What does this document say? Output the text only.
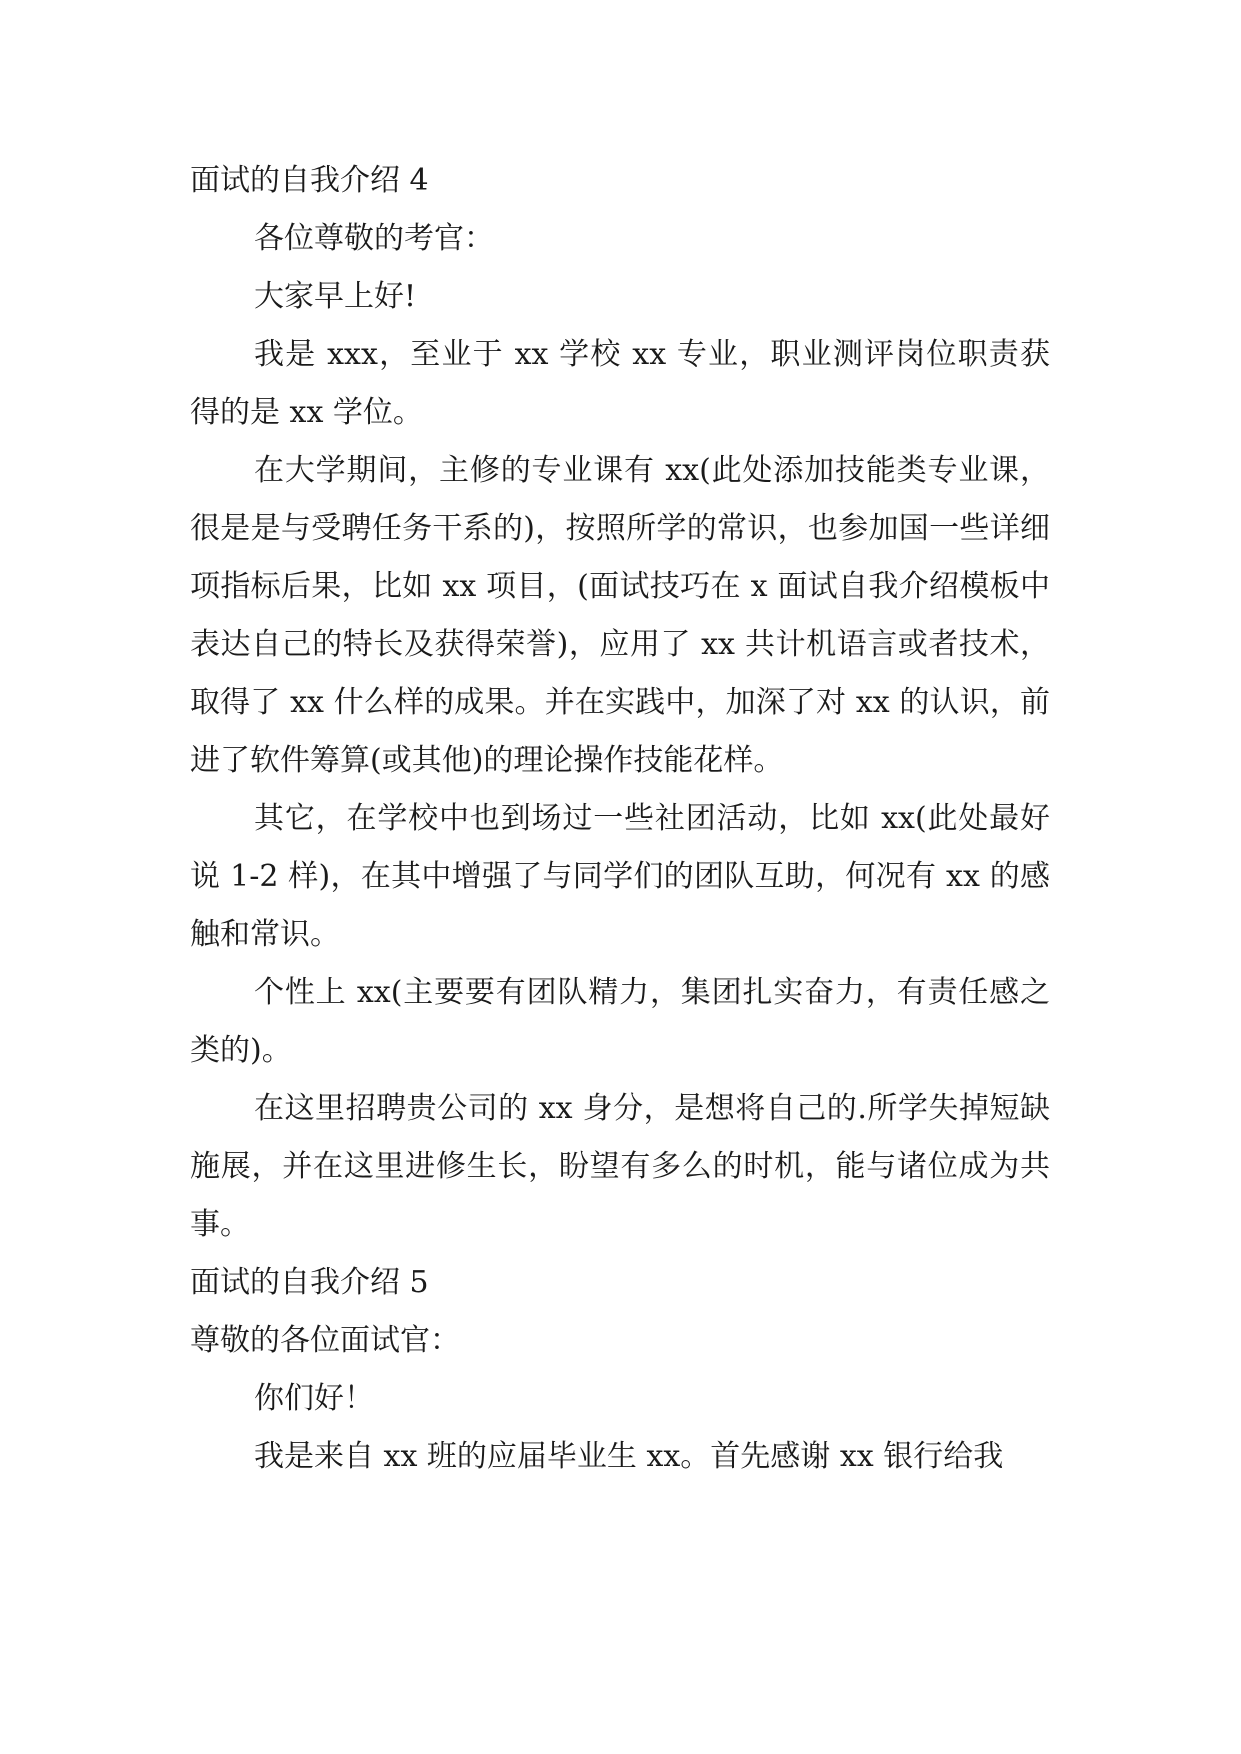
面试的自我介绍 4

各位尊敬的考官：

大家早上好!

我是 xxx，至业于 xx 学校 xx 专业，职业测评岗位职责获得的是 xx 学位。

在大学期间，主修的专业课有 xx(此处添加技能类专业课，很是是与受聘任务干系的)，按照所学的常识，也参加国一些详细项指标后果，比如 xx 项目，(面试技巧在 x 面试自我介绍模板中表达自己的特长及获得荣誉)，应用了 xx 共计机语言或者技术，取得了 xx 什么样的成果。并在实践中，加深了对 xx 的认识，前进了软件筹算(或其他)的理论操作技能花样。

其它，在学校中也到场过一些社团活动，比如 xx(此处最好说 1-2 样)，在其中增强了与同学们的团队互助，何况有 xx 的感触和常识。

个性上 xx(主要要有团队精力，集团扎实奋力，有责任感之类的)。

在这里招聘贵公司的 xx 身分，是想将自己的.所学失掉短缺施展，并在这里进修生长，盼望有多么的时机，能与诸位成为共事。

面试的自我介绍 5

尊敬的各位面试官：

你们好！

我是来自 xx 班的应届毕业生 xx。首先感谢 xx 银行给我
